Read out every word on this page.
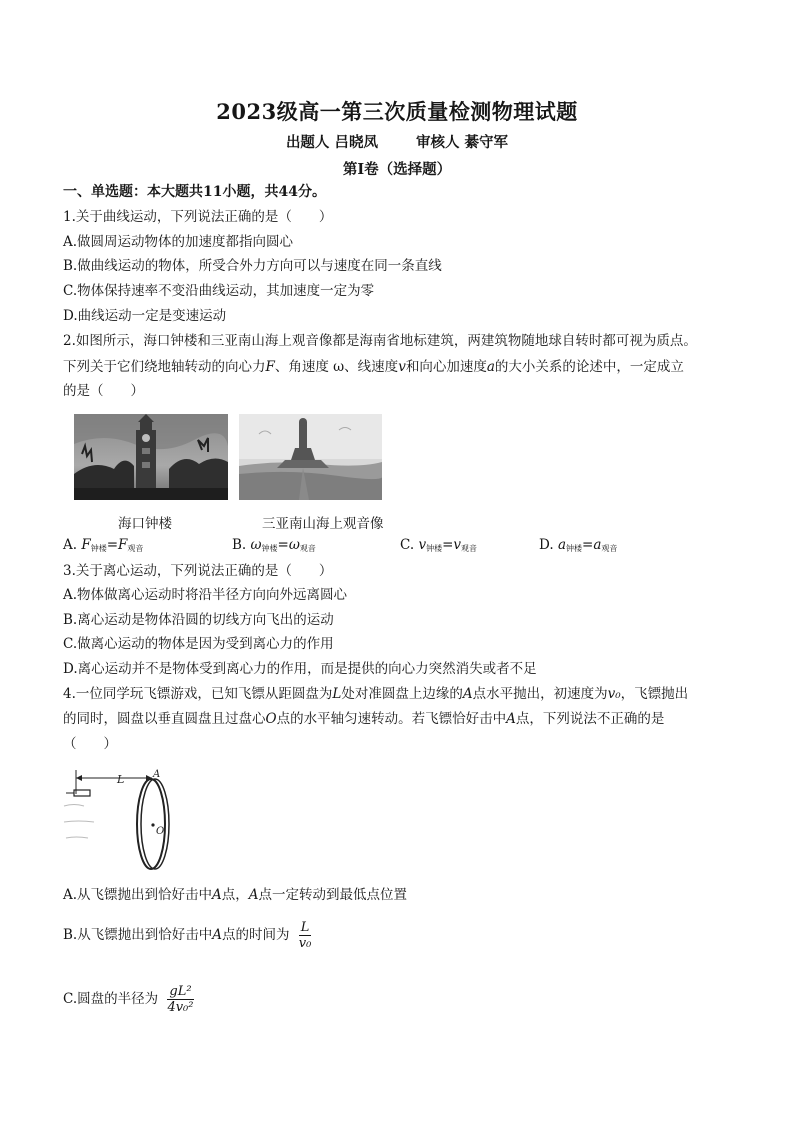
2023级高一第三次质量检测物理试题
出题人 吕晓凤	审核人 綦守军
第I卷（选择题）
一、单选题：本大题共11小题，共44分。
1.关于曲线运动，下列说法正确的是（　　）
A.做圆周运动物体的加速度都指向圆心
B.做曲线运动的物体，所受合外力方向可以与速度在同一条直线
C.物体保持速率不变沿曲线运动，其加速度一定为零
D.曲线运动一定是变速运动
2.如图所示，海口钟楼和三亚南山海上观音像都是海南省地标建筑，两建筑物随地球自转时都可视为质点。
下列关于它们绕地轴转动的向心力F、角速度 ω、线速度v和向心加速度a的大小关系的论述中，一定成立
的是（　　）
海口钟楼	三亚南山海上观音像
A. $F_{钟楼}=F_{观音}$	B. $\omega_{钟楼}=\omega_{观音}$	C. $v_{钟楼}=v_{观音}$	D. $a_{钟楼}=a_{观音}$
3.关于离心运动，下列说法正确的是（　　）
A.物体做离心运动时将沿半径方向向外远离圆心
B.离心运动是物体沿圆的切线方向飞出的运动
C.做离心运动的物体是因为受到离心力的作用
D.离心运动并不是物体受到离心力的作用，而是提供的向心力突然消失或者不足
4.一位同学玩飞镖游戏，已知飞镖从距圆盘为L处对准圆盘上边缘的A点水平抛出，初速度为v₀，飞镖抛出
的同时，圆盘以垂直圆盘且过盘心O点的水平轴匀速转动。若飞镖恰好击中A点，下列说法不正确的是
（　　）
L	A
O
A.从飞镖抛出到恰好击中A点，A点一定转动到最低点位置
B.从飞镖抛出到恰好击中A点的时间为 $\frac{L}{\text{v₀}}$
C.圆盘的半径为 $\frac{\text{gL²}}{\text{4v₀²}}$
